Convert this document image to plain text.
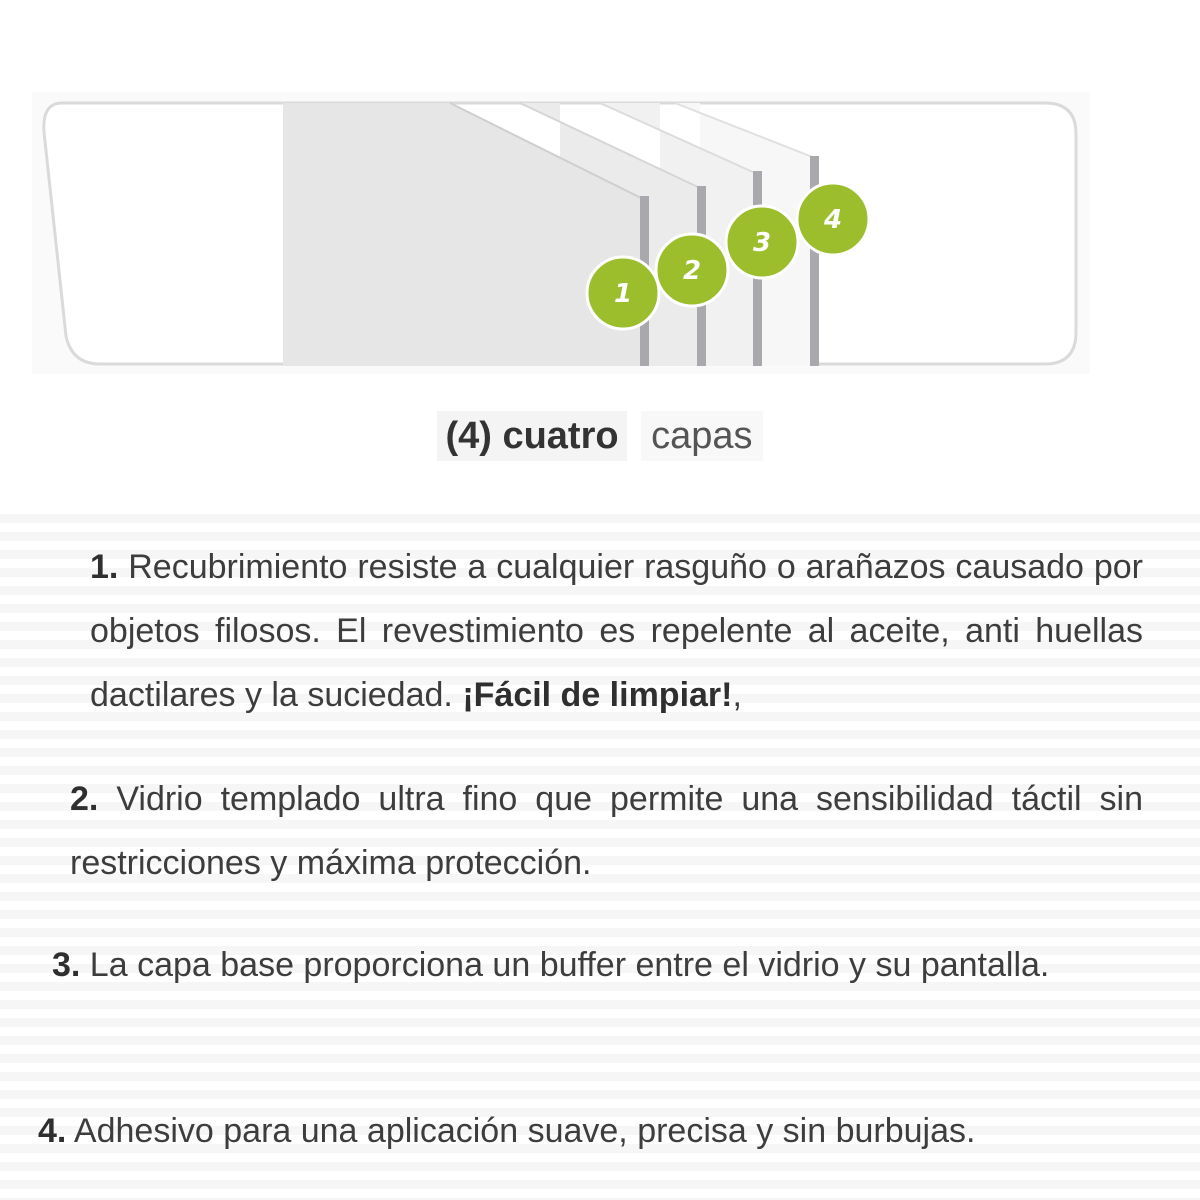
1
2
3
4
(4) cuatro capas
1. Recubrimiento resiste a cualquier rasguño o arañazos causado por objetos filosos. El revestimiento es repelente al aceite, anti huellas dactilares y la suciedad. ¡Fácil de limpiar!,
2. Vidrio templado ultra fino que permite una sensibilidad táctil sin restricciones y máxima protección.
3. La capa base proporciona un buffer entre el vidrio y su pantalla.
4. Adhesivo para una aplicación suave, precisa y sin burbujas.
